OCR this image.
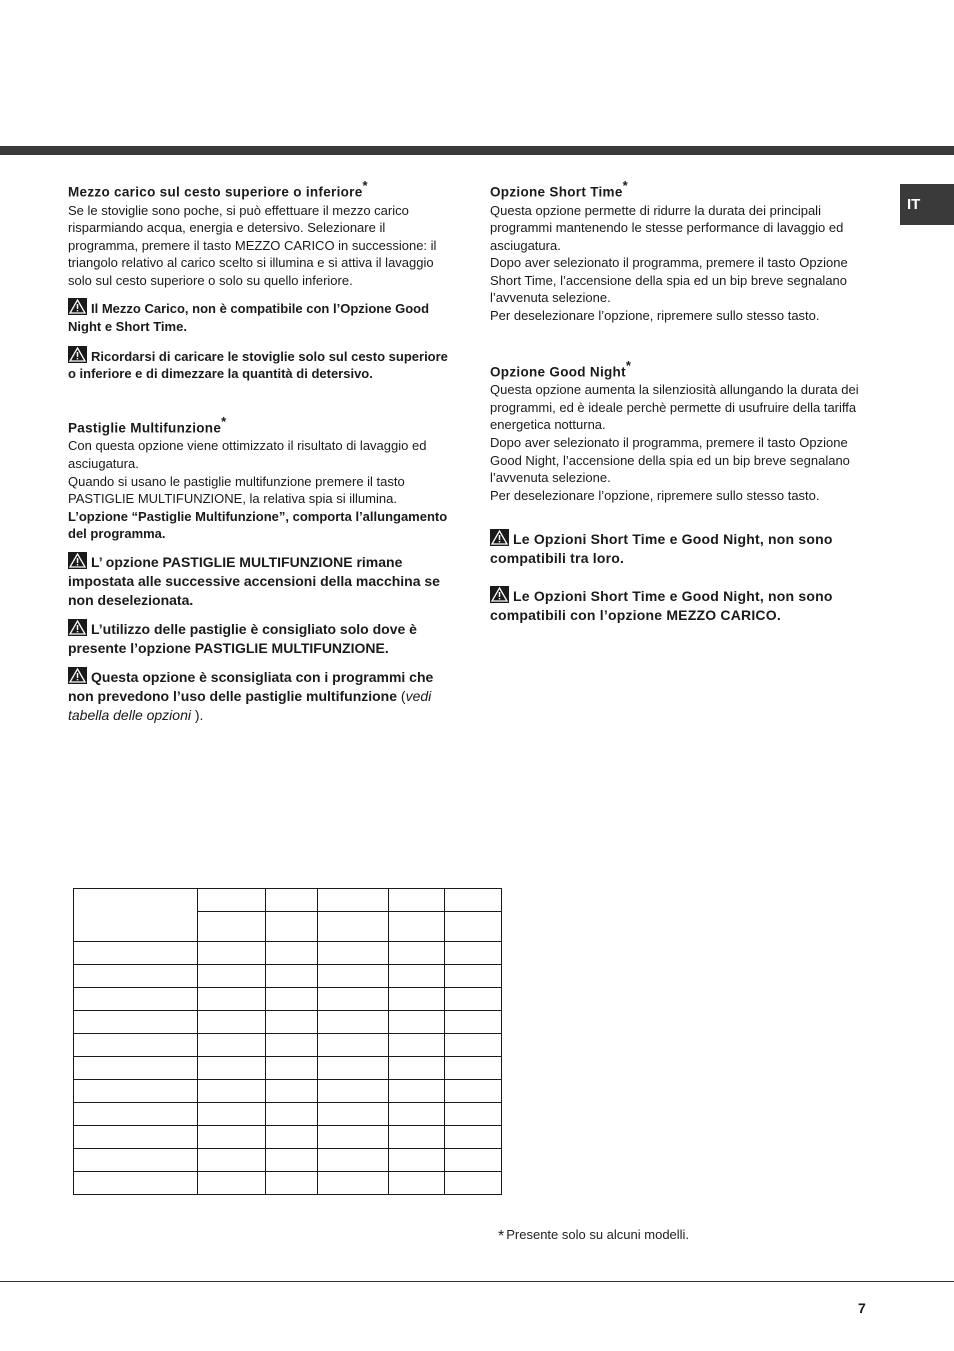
IT
Mezzo carico sul cesto superiore o inferiore*

Se le stoviglie sono poche, si può effettuare il mezzo carico risparmiando acqua, energia e detersivo. Selezionare il programma, premere il tasto MEZZO CARICO in successione: il triangolo relativo al carico scelto si illumina e si attiva il lavaggio solo sul cesto superiore o solo su quello inferiore.

Il Mezzo Carico, non è compatibile con l’Opzione Good Night e Short Time.

Ricordarsi di caricare le stoviglie solo sul cesto superiore o inferiore e di dimezzare la quantità di detersivo.

Pastiglie Multifunzione*

Con questa opzione viene ottimizzato il risultato di lavaggio ed asciugatura.

Quando si usano le pastiglie multifunzione premere il tasto PASTIGLIE MULTIFUNZIONE, la relativa spia si illumina.

L’opzione “Pastiglie Multifunzione”, comporta l’allungamento del programma.

L’ opzione PASTIGLIE MULTIFUNZIONE rimane impostata alle successive accensioni della macchina se non deselezionata.

L’utilizzo delle pastiglie è consigliato solo dove è presente l’opzione PASTIGLIE MULTIFUNZIONE.

Questa opzione è sconsigliata con i programmi che non prevedono l’uso delle pastiglie multifunzione (vedi tabella delle opzioni ).

Opzione Short Time*

Questa opzione permette di ridurre la durata dei principali programmi mantenendo le stesse performance di lavaggio ed asciugatura.

Dopo aver selezionato il programma, premere il tasto Opzione Short Time, l’accensione della spia ed un bip breve segnalano l’avvenuta selezione.

Per deselezionare l’opzione, ripremere sullo stesso tasto.

Opzione Good Night*

Questa opzione aumenta la silenziosità allungando la durata dei programmi, ed è ideale perchè permette di usufruire della tariffa energetica notturna.

Dopo aver selezionato il programma, premere il tasto Opzione Good Night, l’accensione della spia ed un bip breve segnalano l’avvenuta selezione.

Per deselezionare l’opzione, ripremere sullo stesso tasto.

Le Opzioni Short Time e Good Night, non sono compatibili tra loro.

Le Opzioni Short Time e Good Night, non sono compatibili con l’opzione MEZZO CARICO.

* Presente solo su alcuni modelli.
7
